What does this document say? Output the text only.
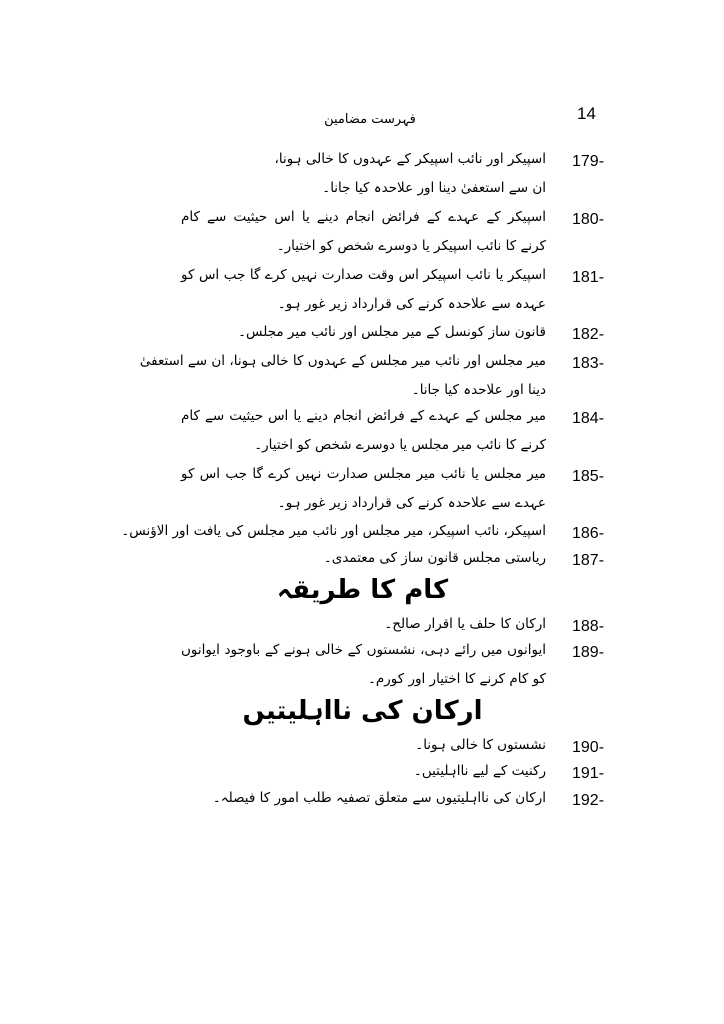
14
فہرست مضامین
179-
اسپیکر اور نائب اسپیکر کے عہدوں کا خالی ہونا،
ان سے استعفیٰ دینا اور علاحدہ کیا جانا۔
180-
اسپیکر کے عہدے کے فرائض انجام دینے یا اس حیثیت سے کام
کرنے کا نائب اسپیکر یا دوسرے شخص کو اختیار۔
181-
اسپیکر یا نائب اسپیکر اس وقت صدارت نہیں کرے گا جب اس کو
عہدہ سے علاحدہ کرنے کی قرارداد زیر غور ہو۔
182-
قانون ساز کونسل کے میر مجلس اور نائب میر مجلس۔
183-
میر مجلس اور نائب میر مجلس کے عہدوں کا خالی ہونا، ان سے استعفیٰ
دینا اور علاحدہ کیا جانا۔
184-
میر مجلس کے عہدے کے فرائض انجام دینے یا اس حیثیت سے کام
کرنے کا نائب میر مجلس یا دوسرے شخص کو اختیار۔
185-
میر مجلس یا نائب میر مجلس صدارت نہیں کرے گا جب اس کو
عہدے سے علاحدہ کرنے کی قرارداد زیر غور ہو۔
186-
اسپیکر، نائب اسپیکر، میر مجلس اور نائب میر مجلس کی یافت اور الاؤنس۔
187-
ریاستی مجلس قانون ساز کی معتمدی۔
188-
ارکان کا حلف یا اقرار صالح۔
189-
ایوانوں میں رائے دہی، نشستوں کے خالی ہونے کے باوجود ایوانوں
کو کام کرنے کا اختیار اور کورم۔
190-
نشستوں کا خالی ہونا۔
191-
رکنیت کے لیے نااہلیتیں۔
192-
ارکان کی نااہلیتیوں سے متعلق تصفیہ طلب امور کا فیصلہ۔
کام کا طریقہ
ارکان کی نااہلیتیں
